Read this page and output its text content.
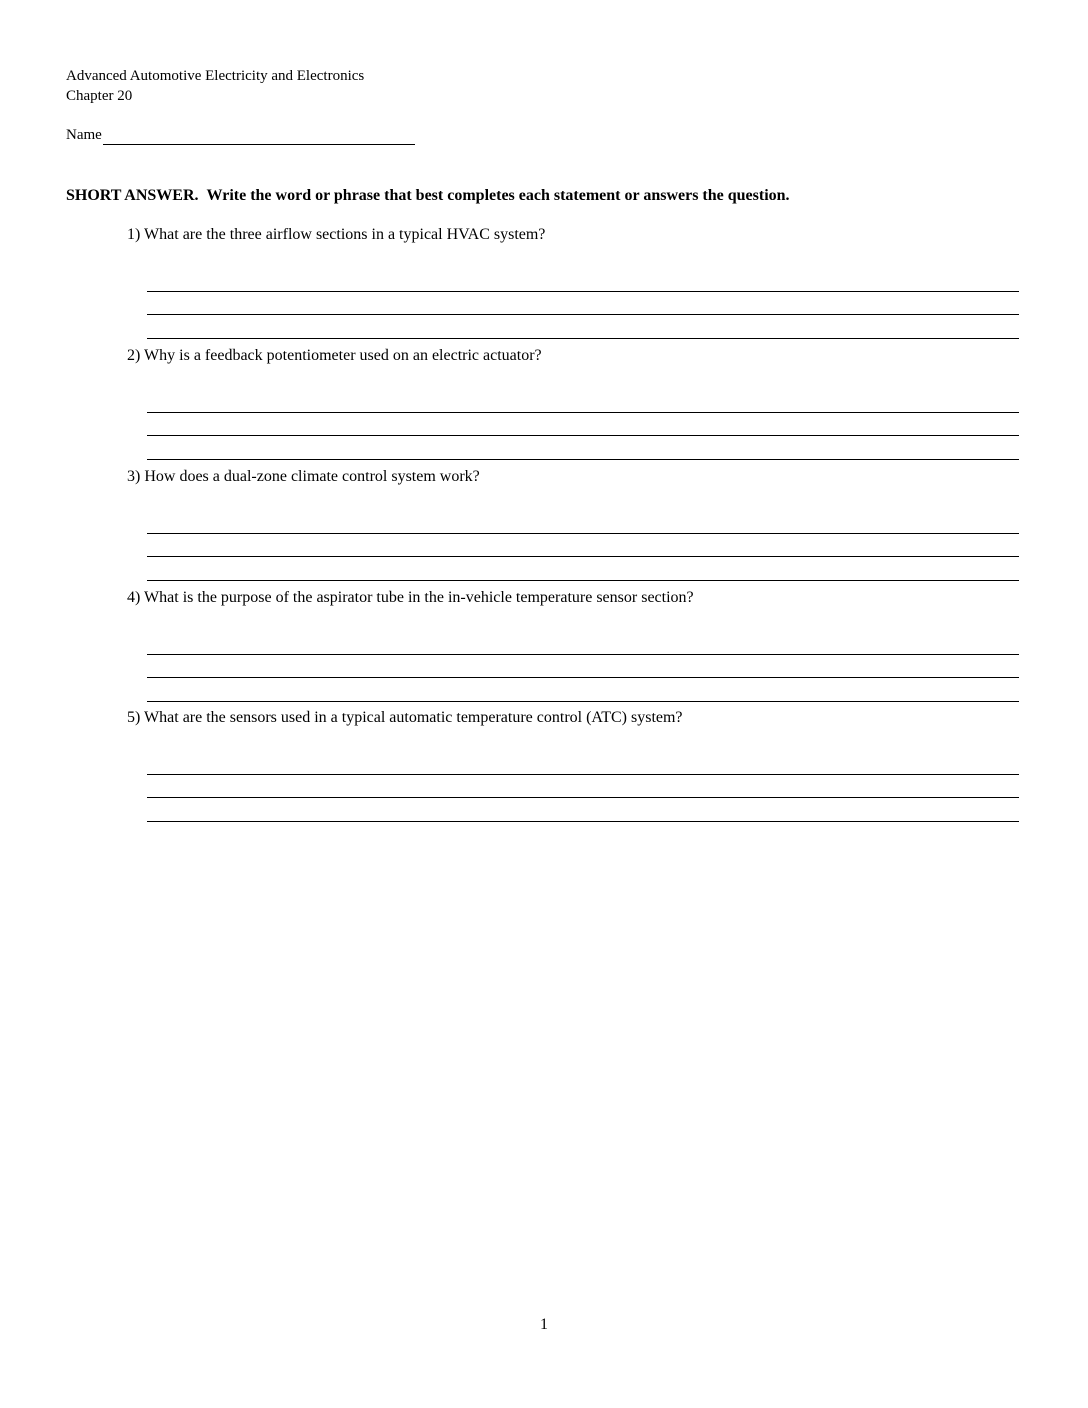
Advanced Automotive Electricity and Electronics
Chapter 20
Name
SHORT ANSWER. Write the word or phrase that best completes each statement or answers the question.

1) What are the three airflow sections in a typical HVAC system?

2) Why is a feedback potentiometer used on an electric actuator?

3) How does a dual-zone climate control system work?

4) What is the purpose of the aspirator tube in the in-vehicle temperature sensor section?

5) What are the sensors used in a typical automatic temperature control (ATC) system?

1
